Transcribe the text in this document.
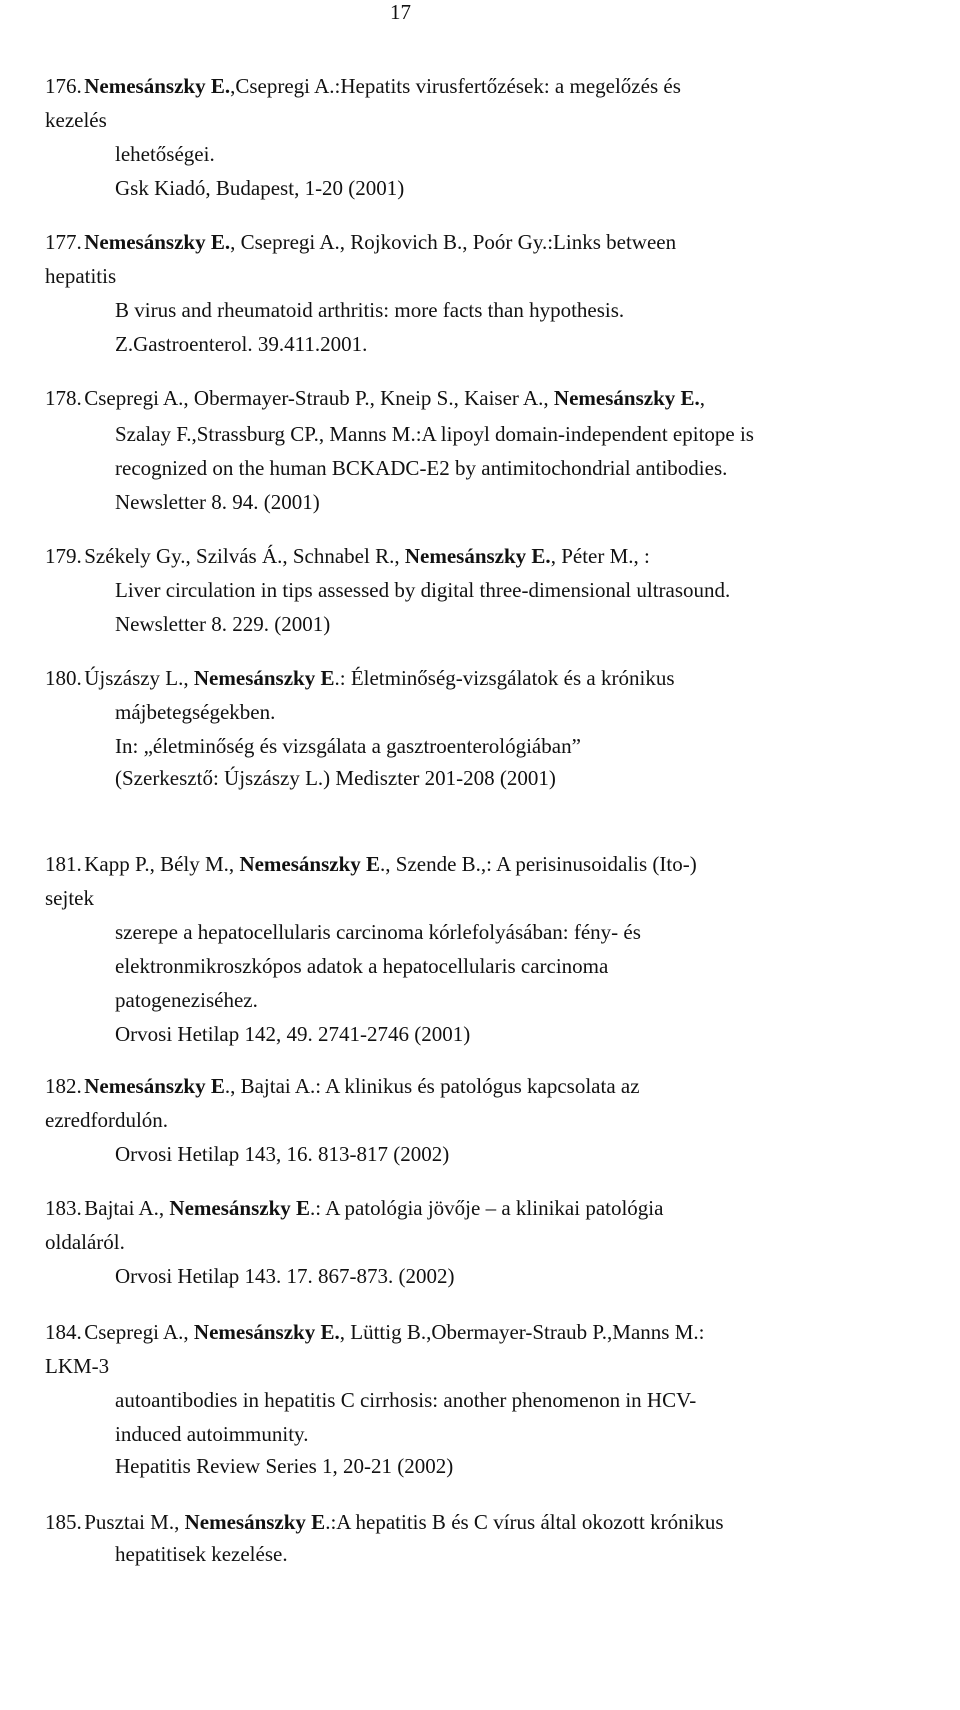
17
176. Nemesánszky E.,Csepregi A.:Hepatits virusfertőzések: a megelőzés és
kezelés
lehetőségei.
Gsk Kiadó, Budapest, 1-20 (2001)
177. Nemesánszky E., Csepregi A., Rojkovich B., Poór Gy.:Links between
hepatitis
B virus and rheumatoid arthritis: more facts than hypothesis.
Z.Gastroenterol. 39.411.2001.
178. Csepregi A., Obermayer-Straub P., Kneip S., Kaiser A., Nemesánszky E.,
Szalay F.,Strassburg CP., Manns M.:A lipoyl domain-independent epitope is
recognized on the human BCKADC-E2 by antimitochondrial antibodies.
Newsletter 8. 94. (2001)
179. Székely Gy., Szilvás Á., Schnabel R., Nemesánszky E., Péter M., :
Liver circulation in tips assessed by digital three-dimensional ultrasound.
Newsletter 8. 229. (2001)
180. Újszászy L., Nemesánszky E.: Életminőség-vizsgálatok és a krónikus
májbetegségekben.
In: „életminőség és vizsgálata a gasztroenterológiában”
(Szerkesztő: Újszászy L.) Mediszter 201-208 (2001)
181. Kapp P., Bély M., Nemesánszky E., Szende B.,: A perisinusoidalis (Ito-)
sejtek
szerepe a hepatocellularis carcinoma kórlefolyásában: fény- és
elektronmikroszkópos adatok a hepatocellularis carcinoma
patogeneziséhez.
Orvosi Hetilap 142, 49. 2741-2746 (2001)
182. Nemesánszky E., Bajtai A.: A klinikus és patológus kapcsolata az
ezredfordulón.
Orvosi Hetilap 143, 16. 813-817 (2002)
183. Bajtai A., Nemesánszky E.: A patológia jövője – a klinikai patológia
oldaláról.
Orvosi Hetilap 143. 17. 867-873. (2002)
184. Csepregi A., Nemesánszky E., Lüttig B.,Obermayer-Straub P.,Manns M.:
LKM-3
autoantibodies in hepatitis C cirrhosis: another phenomenon in HCV-
induced autoimmunity.
Hepatitis Review Series 1, 20-21 (2002)
185. Pusztai M., Nemesánszky E.:A hepatitis B és C vírus által okozott krónikus
hepatitisek kezelése.
